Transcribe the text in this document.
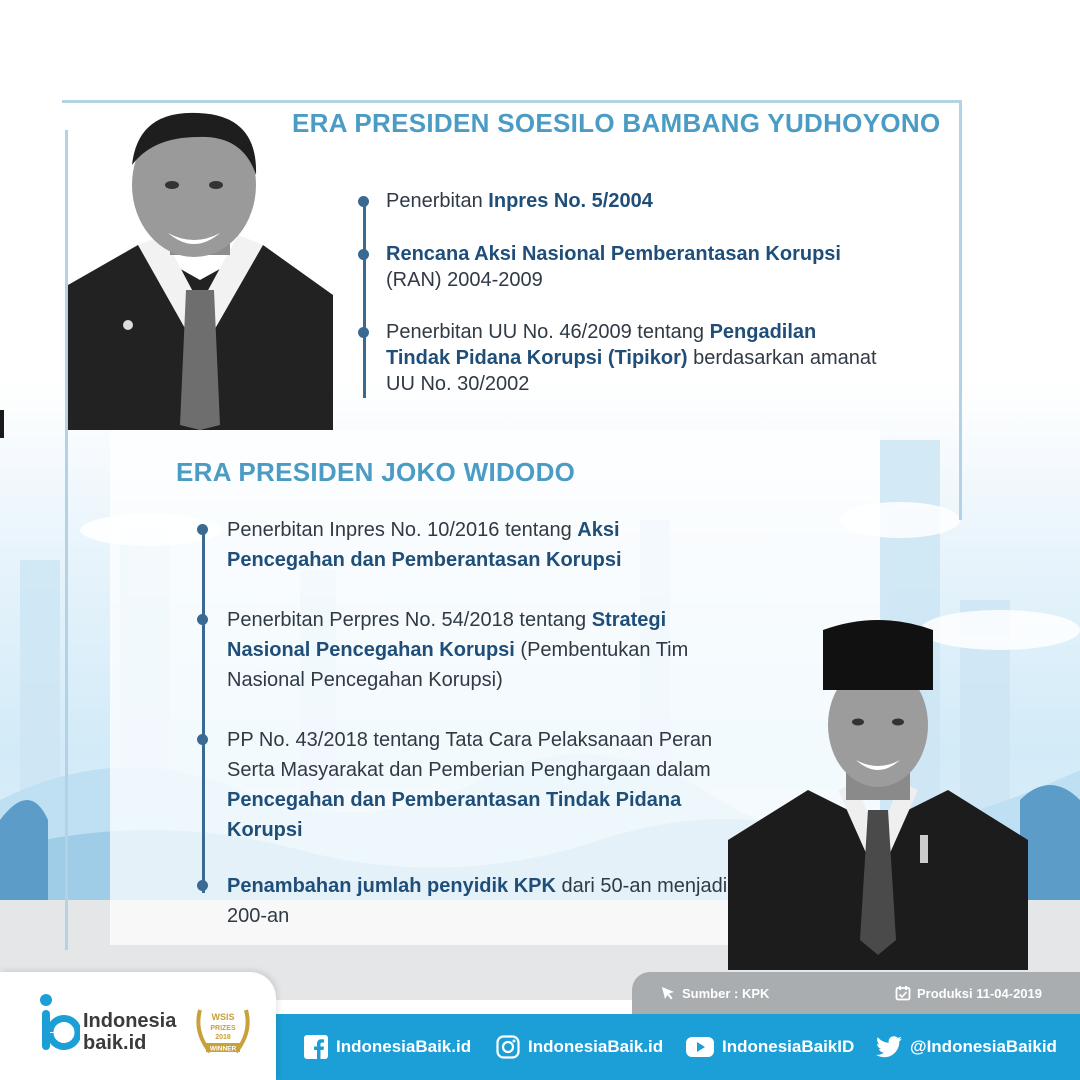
ERA PRESIDEN SOESILO BAMBANG YUDHOYONO
Penerbitan Inpres No. 5/2004
Rencana Aksi Nasional Pemberantasan Korupsi (RAN) 2004-2009
Penerbitan UU No. 46/2009 tentang Pengadilan Tindak Pidana Korupsi (Tipikor) berdasarkan amanat UU No. 30/2002
ERA PRESIDEN JOKO WIDODO
Penerbitan Inpres No. 10/2016 tentang Aksi Pencegahan dan Pemberantasan Korupsi
Penerbitan Perpres No. 54/2018 tentang Strategi Nasional Pencegahan Korupsi (Pembentukan Tim Nasional Pencegahan Korupsi)
PP No. 43/2018 tentang Tata Cara Pelaksanaan Peran Serta Masyarakat dan Pemberian Penghargaan dalam Pencegahan dan Pemberantasan Tindak Pidana Korupsi
Penambahan jumlah penyidik KPK dari 50-an menjadi 200-an
Sumber : KPK	Produksi 11-04-2019
IndonesiaBaik.id	IndonesiaBaik.id	IndonesiaBaikID	@IndonesiaBaikid
Indonesia
baik.id
WSIS
PRIZES
2018
WINNER
